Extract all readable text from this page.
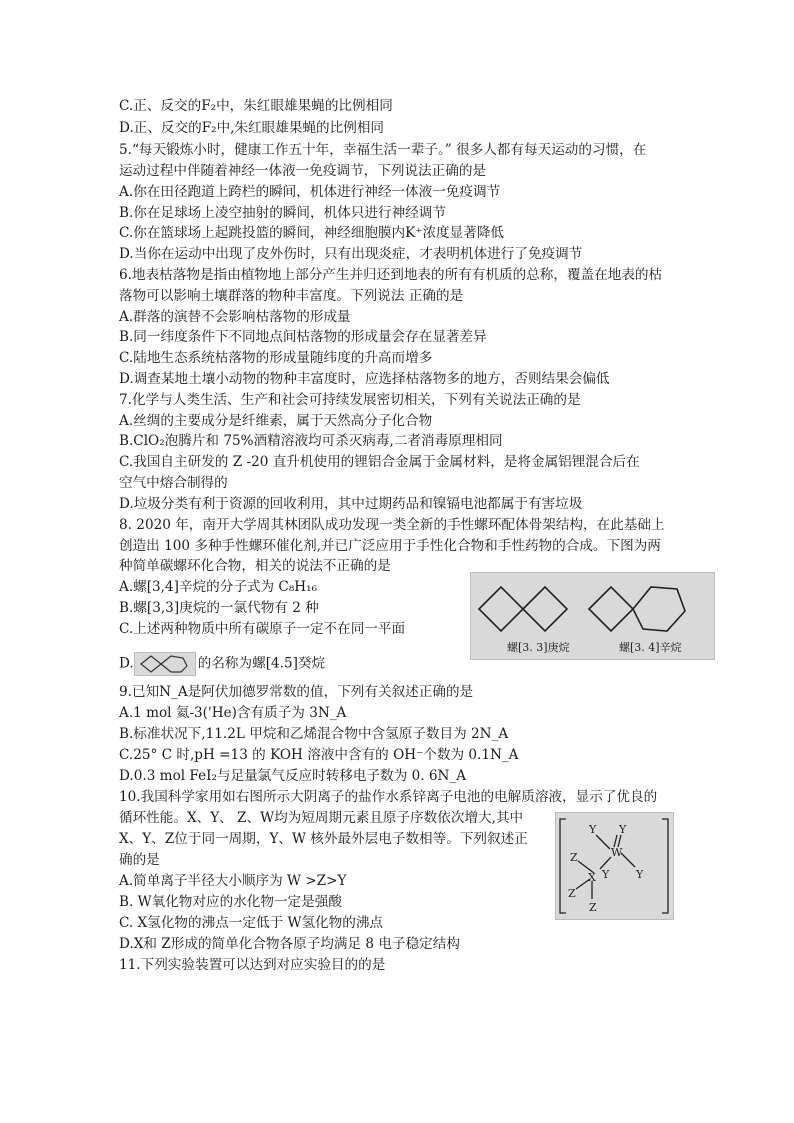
C.正、反交的F₂中，朱红眼雄果蝇的比例相同
D.正、反交的F₂中,朱红眼雄果蝇的比例相同
5.“每天锻炼小时，健康工作五十年，幸福生活一辈子。” 很多人都有每天运动的习惯，在
运动过程中伴随着神经一体液一免疫调节，下列说法正确的是
A.你在田径跑道上跨栏的瞬间，机体进行神经一体液一免疫调节
B.你在足球场上凌空抽射的瞬间，机体只进行神经调节
C.你在篮球场上起跳投篮的瞬间，神经细胞膜内K⁺浓度显著降低
D.当你在运动中出现了皮外伤时，只有出现炎症，才表明机体进行了免疫调节
6.地表枯落物是指由植物地上部分产生并归还到地表的所有有机质的总称，覆盖在地表的枯
落物可以影响土壤群落的物种丰富度。下列说法 正确的是
A.群落的演替不会影响枯落物的形成量
B.同一纬度条件下不同地点间枯落物的形成量会存在显著差异
C.陆地生态系统枯落物的形成量随纬度的升高而增多
D.调查某地土壤小动物的物种丰富度时，应选择枯落物多的地方，否则结果会偏低
7.化学与人类生活、生产和社会可持续发展密切相关，下列有关说法正确的是
A.丝绸的主要成分是纤维素，属于天然高分子化合物
B.ClO₂泡腾片和 75%酒精溶液均可杀灭病毒,二者消毒原理相同
C.我国自主研发的 Z -20 直升机使用的锂铝合金属于金属材料，是将金属铝锂混合后在
空气中熔合制得的
D.垃圾分类有利于资源的回收利用，其中过期药品和镍镉电池都属于有害垃圾
8. 2020 年，南开大学周其林团队成功发现一类全新的手性螺环配体骨架结构，在此基础上
创造出 100 多种手性螺环催化剂,并已广泛应用于手性化合物和手性药物的合成。下图为两
种简单碳螺环化合物，相关的说法不正确的是
A.螺[3,4]辛烷的分子式为 C₈H₁₆
B.螺[3,3]庚烷的一氯代物有 2 种
C.上述两种物质中所有碳原子一定不在同一平面
D.	的名称为螺[4.5]癸烷
9.已知N_A是阿伏加德罗常数的值，下列有关叙述正确的是
A.1 mol 氦-3('He)含有质子为 3N_A
B.标准状况下,11.2L 甲烷和乙烯混合物中含氢原子数目为 2N_A
C.25° C 时,pH =13 的 KOH 溶液中含有的 OH⁻个数为 0.1N_A
D.0.3 mol FeI₂与足量氯气反应时转移电子数为 0. 6N_A
10.我国科学家用如右图所示大阴离子的盐作水系锌离子电池的电解质溶液，显示了优良的
循环性能。X、Y、 Z、W均为短周期元素且原子序数依次增大,其中
X、Y、Z位于同一周期，Y、W 核外最外层电子数相等。下列叙述正
确的是
A.简单离子半径大小顺序为 W >Z>Y
B. W氧化物对应的水化物一定是强酸
C. X氢化物的沸点一定低于 W氢化物的沸点
D.X和 Z形成的简单化合物各原子均满足 8 电子稳定结构
11.下列实验装置可以达到对应实验目的的是
螺[3. 3]庚烷	螺[3. 4]辛烷
Y Y
W
Y Y
Z
X
Z
Z
